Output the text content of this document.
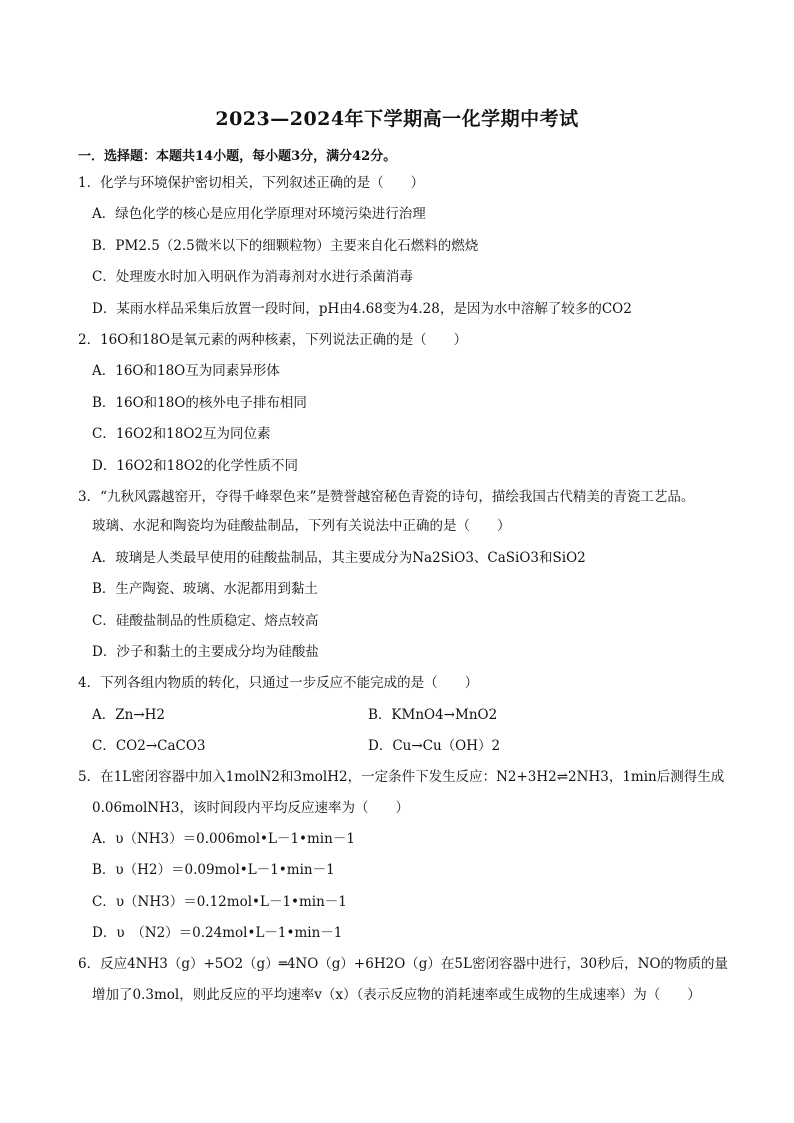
2023—2024年下学期高一化学期中考试
一．选择题：本题共14小题，每小题3分，满分42分。
1．化学与环境保护密切相关，下列叙述正确的是（　　）
A．绿色化学的核心是应用化学原理对环境污染进行治理
B．PM2.5（2.5微米以下的细颗粒物）主要来自化石燃料的燃烧
C．处理废水时加入明矾作为消毒剂对水进行杀菌消毒
D．某雨水样品采集后放置一段时间，pH由4.68变为4.28，是因为水中溶解了较多的CO2
2．16O和18O是氧元素的两种核素，下列说法正确的是（　　）
A．16O和18O互为同素异形体
B．16O和18O的核外电子排布相同
C．16O2和18O2互为同位素
D．16O2和18O2的化学性质不同
3．“九秋风露越窑开，夺得千峰翠色来”是赞誉越窑秘色青瓷的诗句，描绘我国古代精美的青瓷工艺品。
玻璃、水泥和陶瓷均为硅酸盐制品，下列有关说法中正确的是（　　）
A．玻璃是人类最早使用的硅酸盐制品，其主要成分为Na2SiO3、CaSiO3和SiO2
B．生产陶瓷、玻璃、水泥都用到黏土
C．硅酸盐制品的性质稳定、熔点较高
D．沙子和黏土的主要成分均为硅酸盐
4．下列各组内物质的转化，只通过一步反应不能完成的是（　　）
A．Zn→H2	B．KMnO4→MnO2
C．CO2→CaCO3	D．Cu→Cu（OH）2
5．在1L密闭容器中加入1molN2和3molH2，一定条件下发生反应：N2+3H2⇌2NH3，1min后测得生成
0.06molNH3，该时间段内平均反应速率为（　　）
A．υ（NH3）＝0.006mol•L－1•min－1
B．υ（H2）＝0.09mol•L－1•min－1
C．υ（NH3）＝0.12mol•L－1•min－1
D．υ　（N2）＝0.24mol•L－1•min－1
6．反应4NH3（g）+5O2（g）═4NO（g）+6H2O（g）在5L密闭容器中进行，30秒后，NO的物质的量
增加了0.3mol，则此反应的平均速率v（x）（表示反应物的消耗速率或生成物的生成速率）为（　　）
